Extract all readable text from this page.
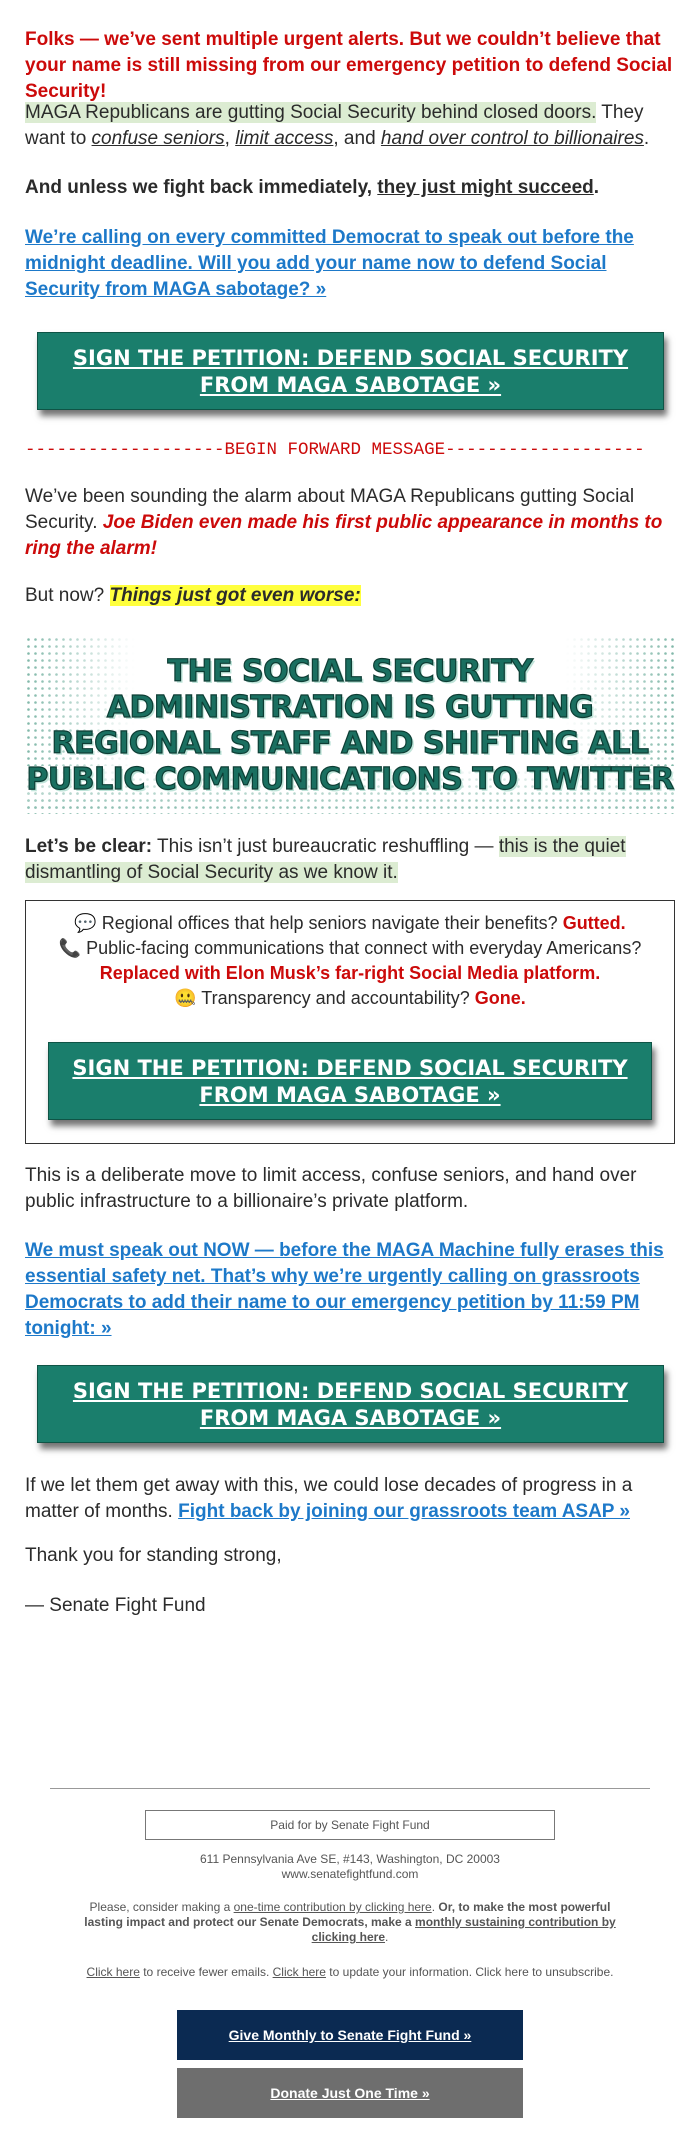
Folks — we’ve sent multiple urgent alerts. But we couldn’t believe that your name is still missing from our emergency petition to defend Social Security!

MAGA Republicans are gutting Social Security behind closed doors. They want to confuse seniors, limit access, and hand over control to billionaires.

And unless we fight back immediately, they just might succeed.

We’re calling on every committed Democrat to speak out before the midnight deadline. Will you add your name now to defend Social Security from MAGA sabotage? »
SIGN THE PETITION: DEFEND SOCIAL SECURITY FROM MAGA SABOTAGE »
-------------------BEGIN FORWARD MESSAGE-------------------

We’ve been sounding the alarm about MAGA Republicans gutting Social Security. Joe Biden even made his first public appearance in months to ring the alarm!

But now? Things just got even worse:

THE SOCIAL SECURITY
ADMINISTRATION IS GUTTING
REGIONAL STAFF AND SHIFTING ALL
PUBLIC COMMUNICATIONS TO TWITTER

Let’s be clear: This isn’t just bureaucratic reshuffling — this is the quiet dismantling of Social Security as we know it.

💬 Regional offices that help seniors navigate their benefits? Gutted.

📞 Public-facing communications that connect with everyday Americans?

Replaced with Elon Musk’s far-right Social Media platform.

🤐 Transparency and accountability? Gone.

SIGN THE PETITION: DEFEND SOCIAL SECURITY FROM MAGA SABOTAGE »

This is a deliberate move to limit access, confuse seniors, and hand over public infrastructure to a billionaire’s private platform.

We must speak out NOW — before the MAGA Machine fully erases this essential safety net. That’s why we’re urgently calling on grassroots Democrats to add their name to our emergency petition by 11:59 PM tonight: »
SIGN THE PETITION: DEFEND SOCIAL SECURITY FROM MAGA SABOTAGE »

If we let them get away with this, we could lose decades of progress in a matter of months. Fight back by joining our grassroots team ASAP »

Thank you for standing strong,

— Senate Fight Fund

Paid for by Senate Fight Fund
611 Pennsylvania Ave SE, #143, Washington, DC 20003
www.senatefightfund.com
Please, consider making a one-time contribution by clicking here. Or, to make the most powerful lasting impact and protect our Senate Democrats, make a monthly sustaining contribution by clicking here.
Click here to receive fewer emails. Click here to update your information. Click here to unsubscribe.
Give Monthly to Senate Fight Fund »
Donate Just One Time »
